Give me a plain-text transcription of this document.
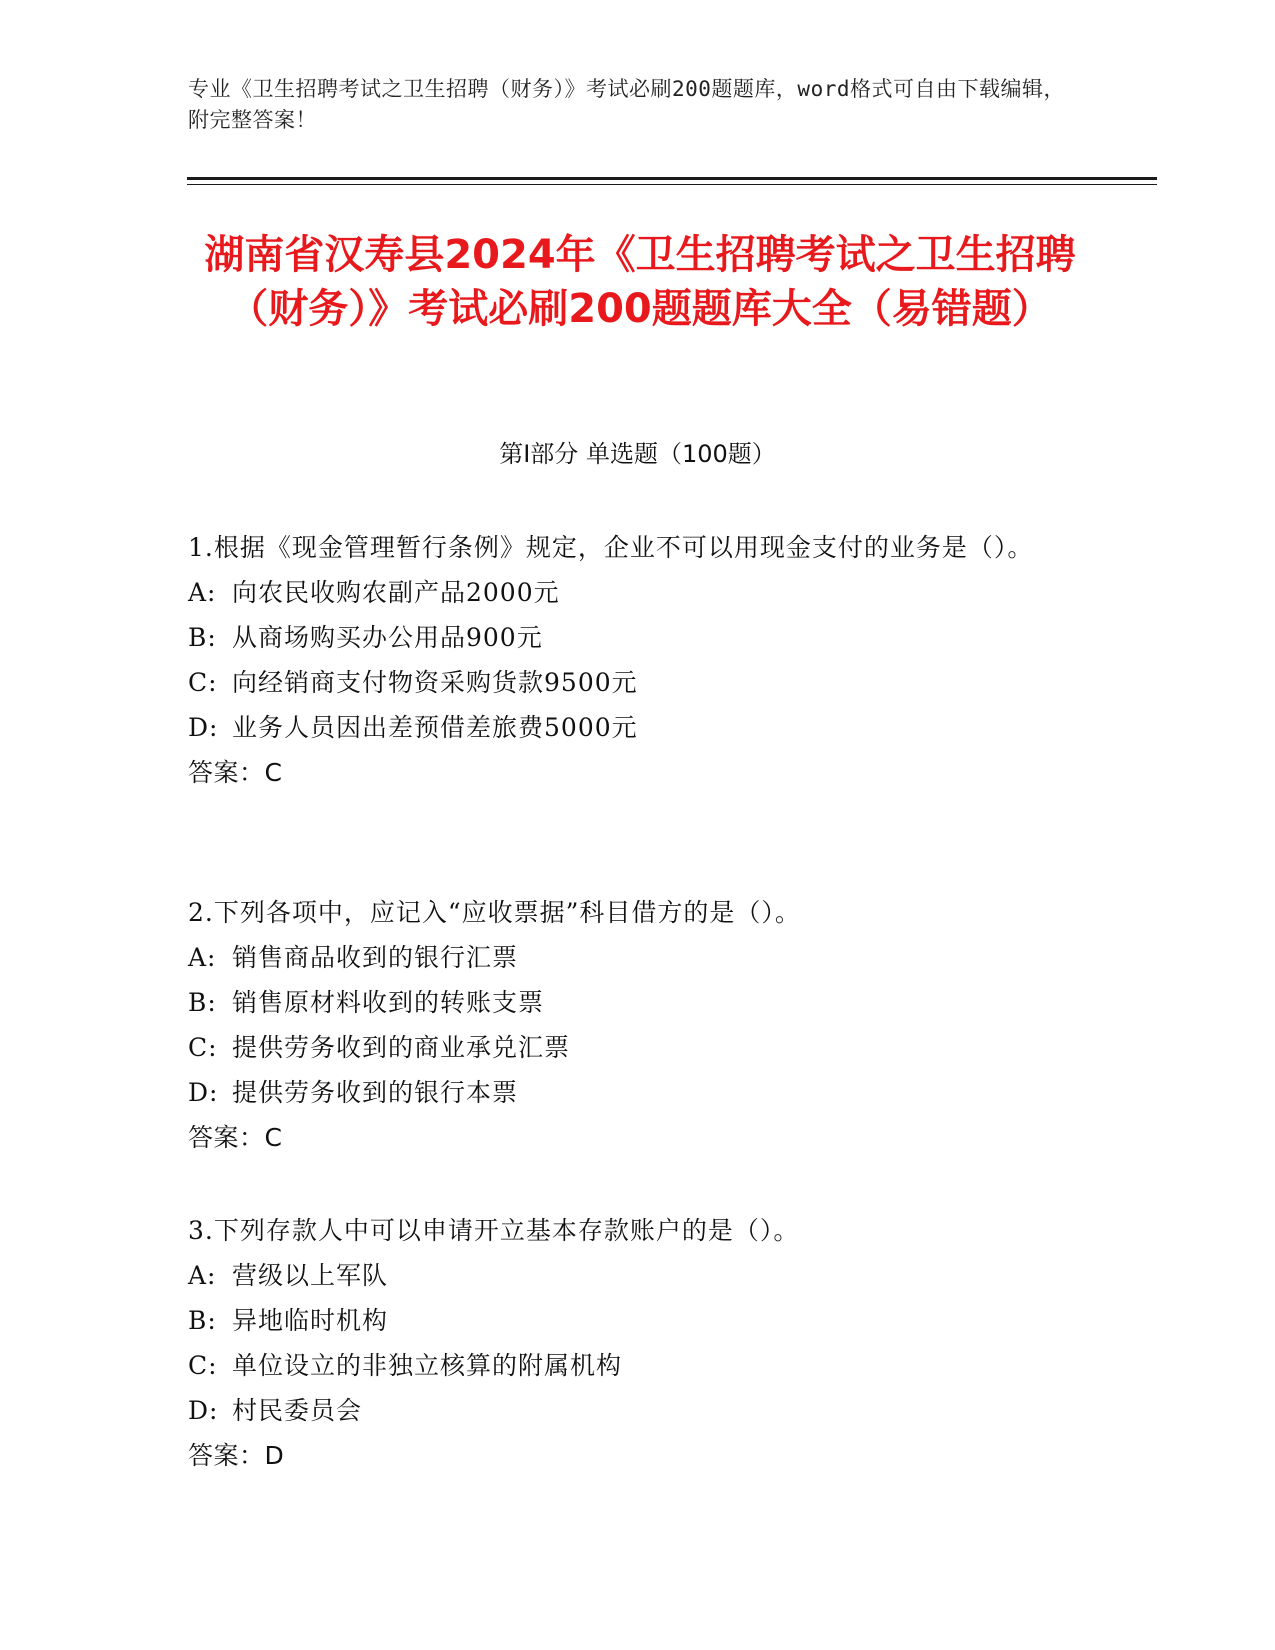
专业《卫生招聘考试之卫生招聘（财务）》考试必刷200题题库，word格式可自由下载编辑，附完整答案！
湖南省汉寿县2024年《卫生招聘考试之卫生招聘（财务）》考试必刷200题题库大全（易错题）
第Ⅰ部分 单选题（100题）

1.根据《现金管理暂行条例》规定，企业不可以用现金支付的业务是（）。

A: 向农民收购农副产品2000元

B: 从商场购买办公用品900元

C: 向经销商支付物资采购货款9500元

D: 业务人员因出差预借差旅费5000元

答案：C

2.下列各项中，应记入“应收票据”科目借方的是（）。

A: 销售商品收到的银行汇票

B: 销售原材料收到的转账支票

C: 提供劳务收到的商业承兑汇票

D: 提供劳务收到的银行本票

答案：C

3.下列存款人中可以申请开立基本存款账户的是（）。

A: 营级以上军队

B: 异地临时机构

C: 单位设立的非独立核算的附属机构

D: 村民委员会

答案：D
